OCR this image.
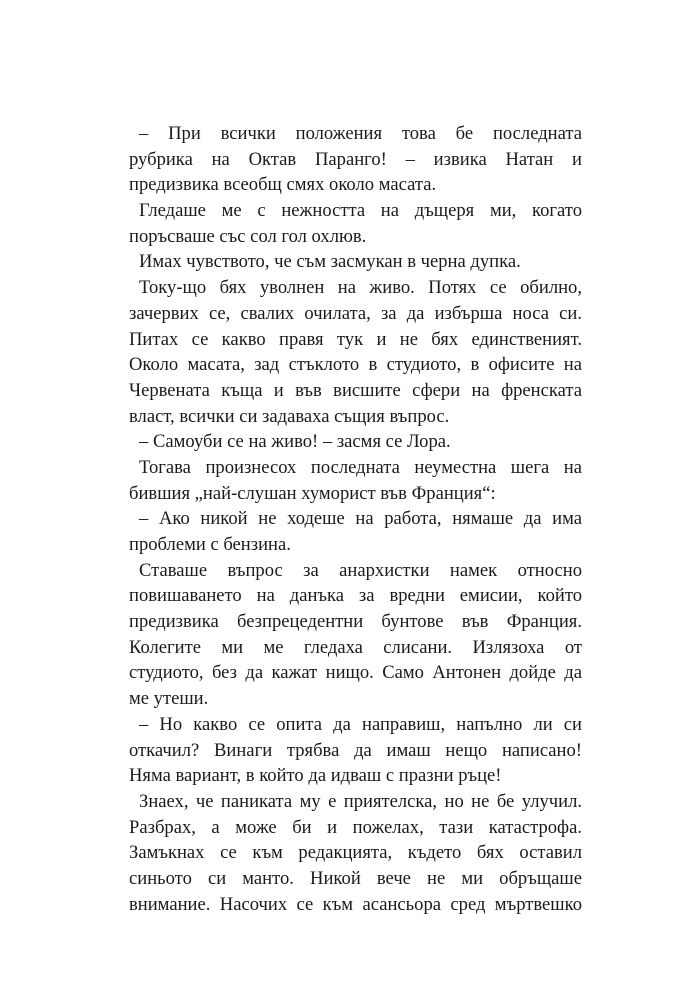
– При всички положения това бе последната
рубрика на Октав Паранго! – извика Натан и
предизвика всеобщ смях около масата.
Гледаше ме с нежността на дъщеря ми, когато
поръсваше със сол гол охлюв.
Имах чувството, че съм засмукан в черна дупка.
Току-що бях уволнен на живо. Потях се обилно,
зачервих се, свалих очилата, за да избърша носа си.
Питах се какво правя тук и не бях единственият.
Около масата, зад стъклото в студиото, в офисите на
Червената къща и във висшите сфери на френската
власт, всички си задаваха същия въпрос.
– Самоуби се на живо! – засмя се Лора.
Тогава произнесох последната неуместна шега на
бившия „най-слушан хуморист във Франция“:
– Ако никой не ходеше на работа, нямаше да има
проблеми с бензина.
Ставаше въпрос за анархистки намек относно
повишаването на данъка за вредни емисии, който
предизвика безпрецедентни бунтове във Франция.
Колегите ми ме гледаха слисани. Излязоха от
студиото, без да кажат нищо. Само Антонен дойде да
ме утеши.
– Но какво се опита да направиш, напълно ли си
откачил? Винаги трябва да имаш нещо написано!
Няма вариант, в който да идваш с празни ръце!
Знаех, че паниката му е приятелска, но не бе улучил.
Разбрах, а може би и пожелах, тази катастрофа.
Замъкнах се към редакцията, където бях оставил
синьото си манто. Никой вече не ми обръщаше
внимание. Насочих се към асансьора сред мъртвешко
